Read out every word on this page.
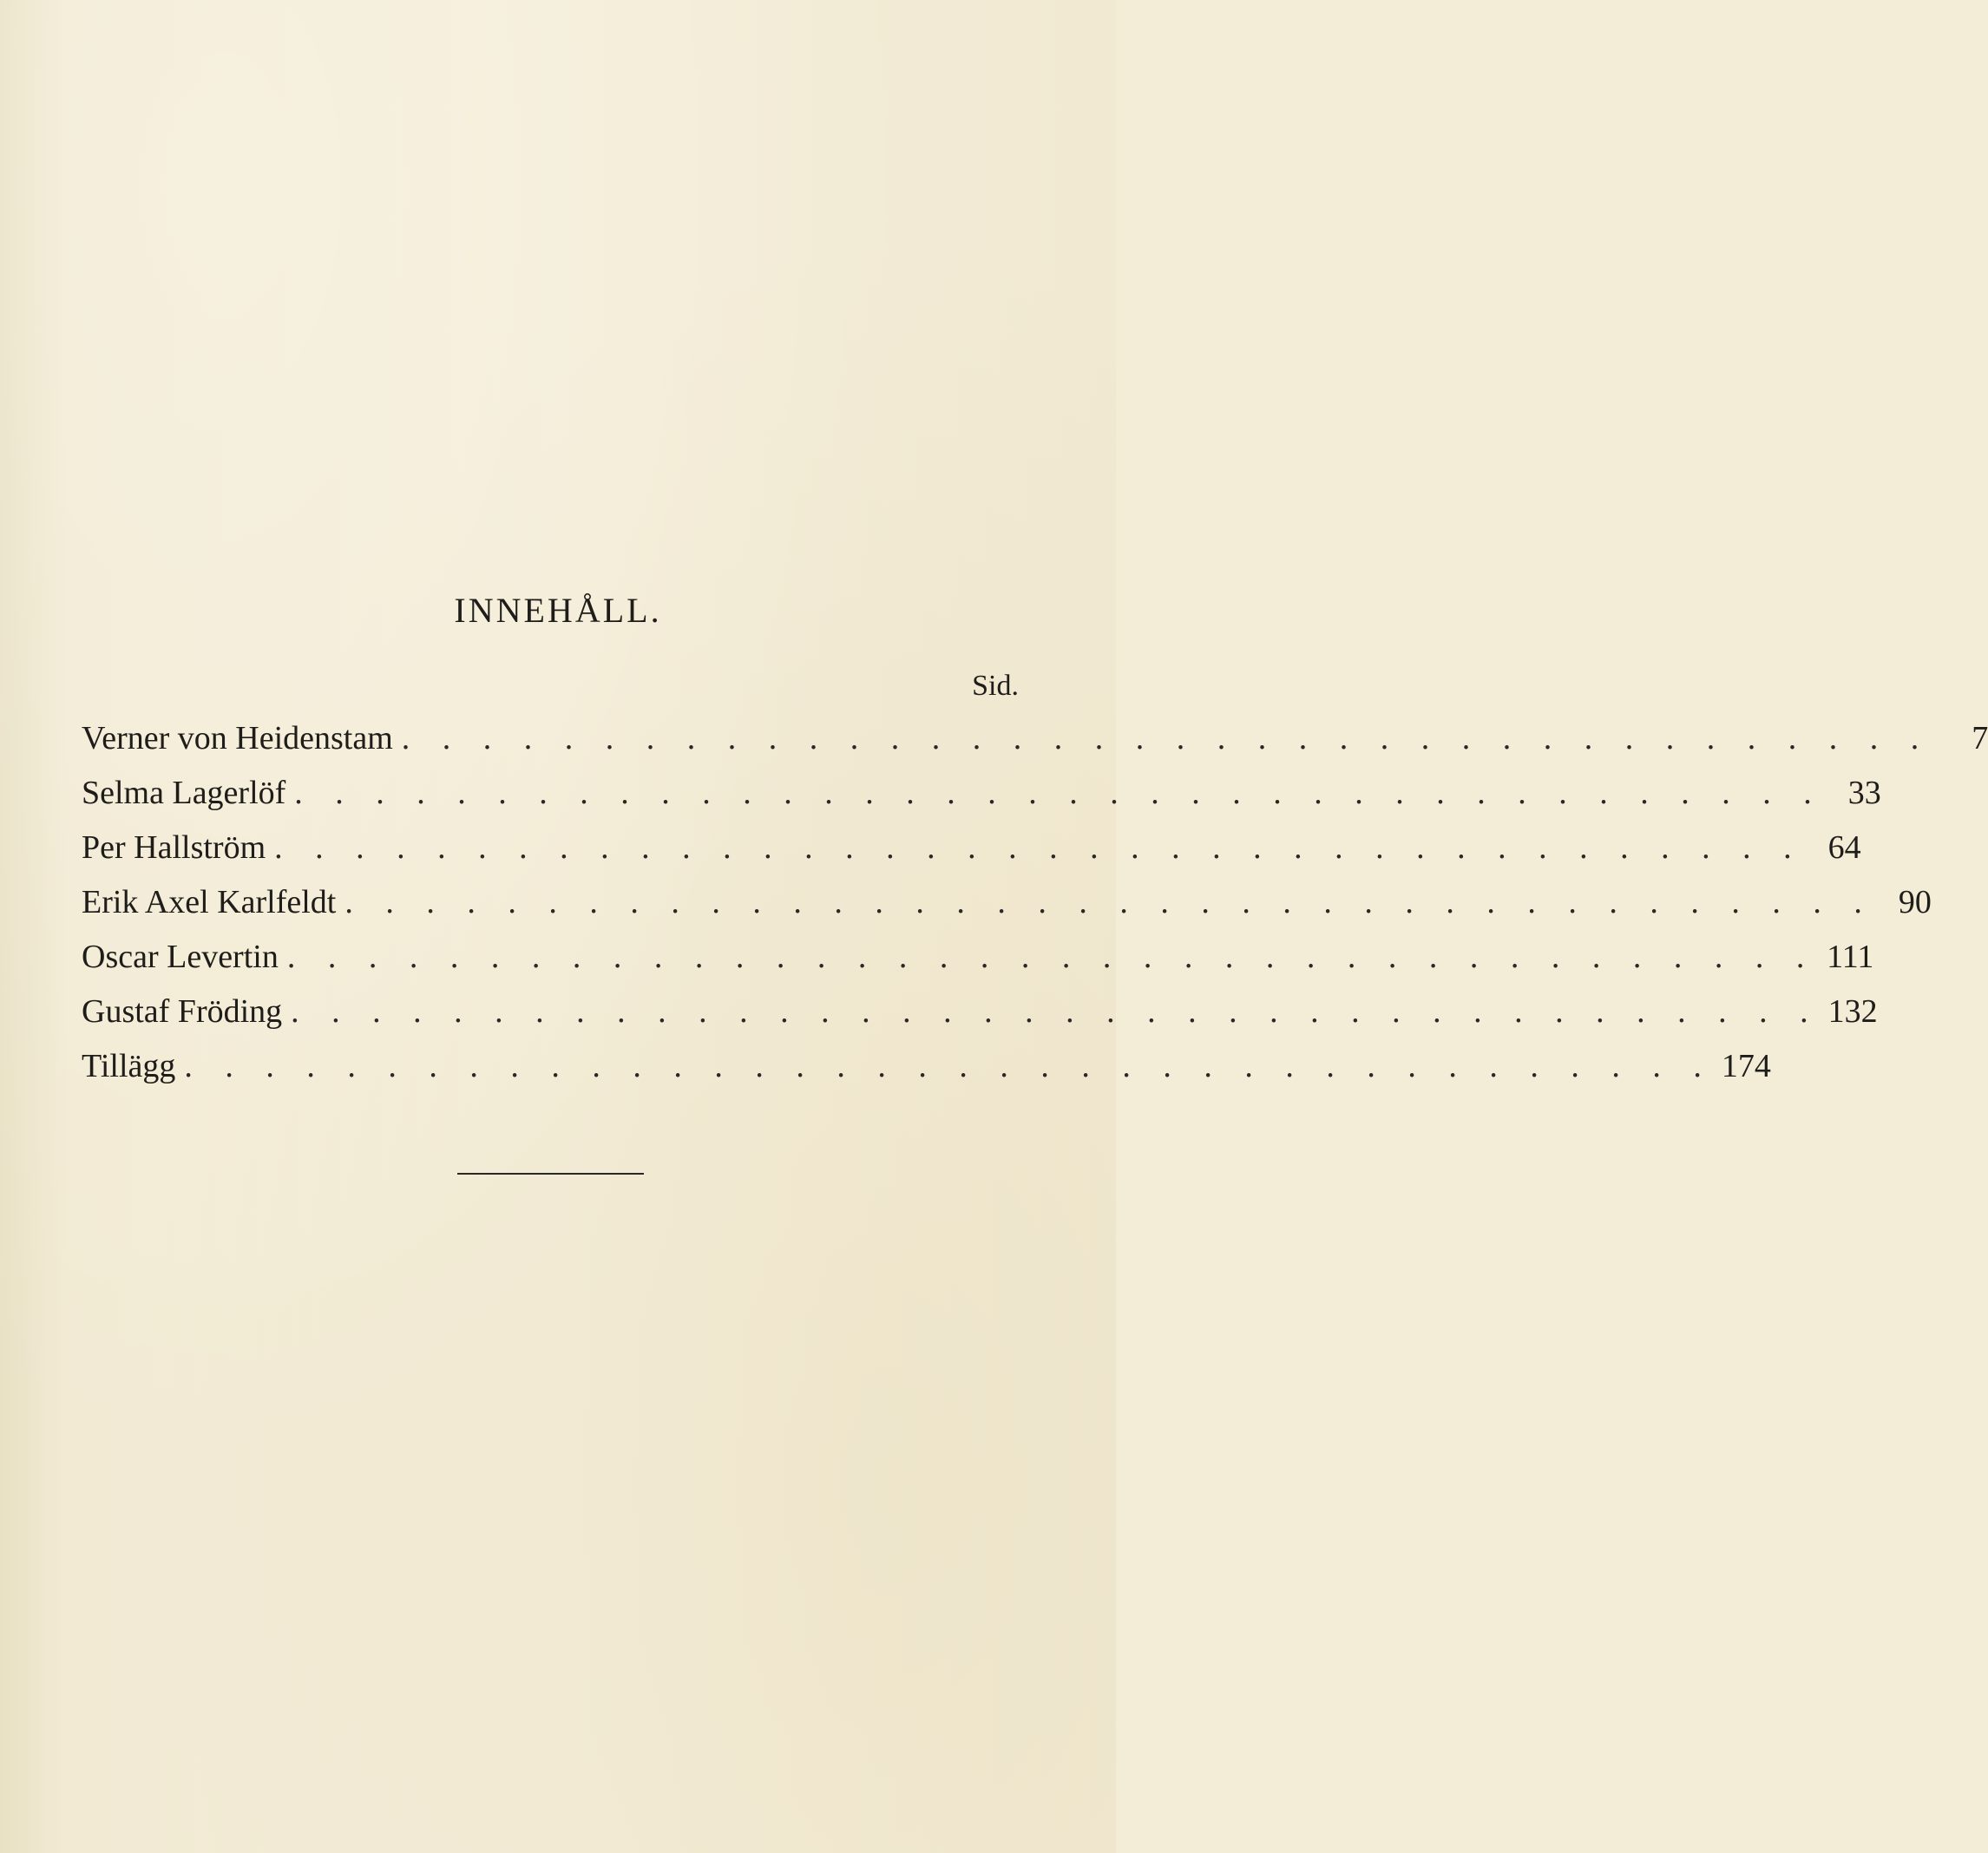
INNEHÅLL.
Sid.
Verner von Heidenstam . . . . . . . . . . . . . . . . . . . . . . . . . . . . . . . . . . . . . .	7
Selma Lagerlöf . . . . . . . . . . . . . . . . . . . . . . . . . . . . . . . . . . . . . . 33
Per Hallström . . . . . . . . . . . . . . . . . . . . . . . . . . . . . . . . . . . . . . 64
Erik Axel Karlfeldt . . . . . . . . . . . . . . . . . . . . . . . . . . . . . . . . . . . . . . 90
Oscar Levertin . . . . . . . . . . . . . . . . . . . . . . . . . . . . . . . . . . . . . . 111
Gustaf Fröding . . . . . . . . . . . . . . . . . . . . . . . . . . . . . . . . . . . . . . 132
Tillägg . . . . . . . . . . . . . . . . . . . . . . . . . . . . . . . . . . . . . . 174
